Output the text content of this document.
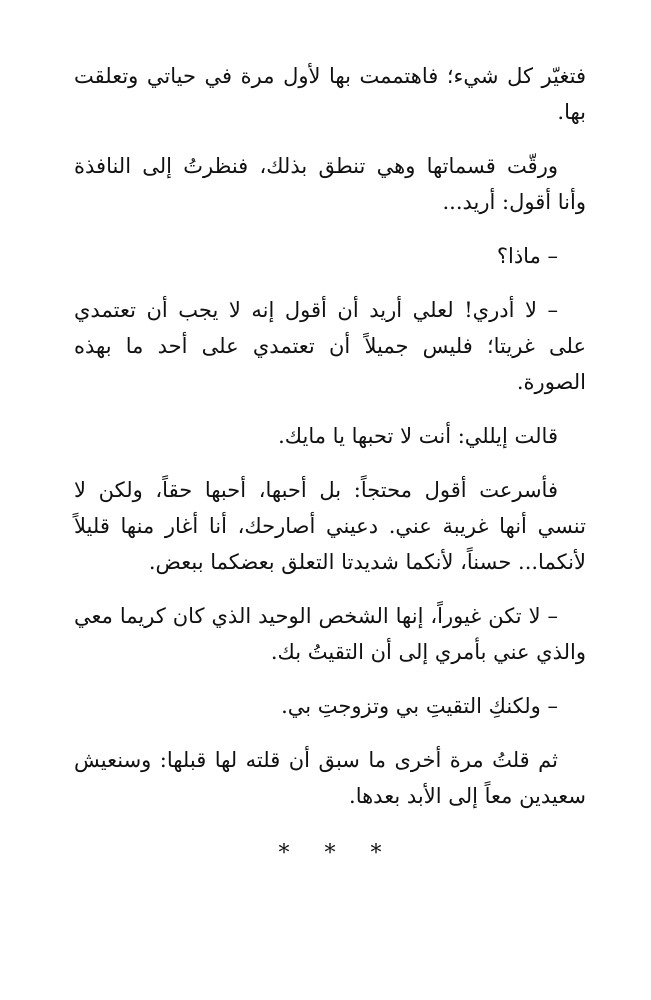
فتغيّر كل شيء؛ فاهتممت بها لأول مرة في حياتي وتعلقت بها.

ورقّت قسماتها وهي تنطق بذلك، فنظرتُ إلى النافذة وأنا أقول: أريد...

– ماذا؟

– لا أدري! لعلي أريد أن أقول إنه لا يجب أن تعتمدي على غريتا؛ فليس جميلاً أن تعتمدي على أحد ما بهذه الصورة.

قالت إيللي: أنت لا تحبها يا مايك.

فأسرعت أقول محتجاً: بل أحبها، أحبها حقاً، ولكن لا تنسي أنها غريبة عني. دعيني أصارحك، أنا أغار منها قليلاً لأنكما... حسناً، لأنكما شديدتا التعلق بعضكما ببعض.

– لا تكن غيوراً، إنها الشخص الوحيد الذي كان كريما معي والذي عني بأمري إلى أن التقيتُ بك.

– ولكنكِ التقيتِ بي وتزوجتِ بي.

ثم قلتُ مرة أخرى ما سبق أن قلته لها قبلها: وسنعيش سعيدين معاً إلى الأبد بعدها.

* * *
